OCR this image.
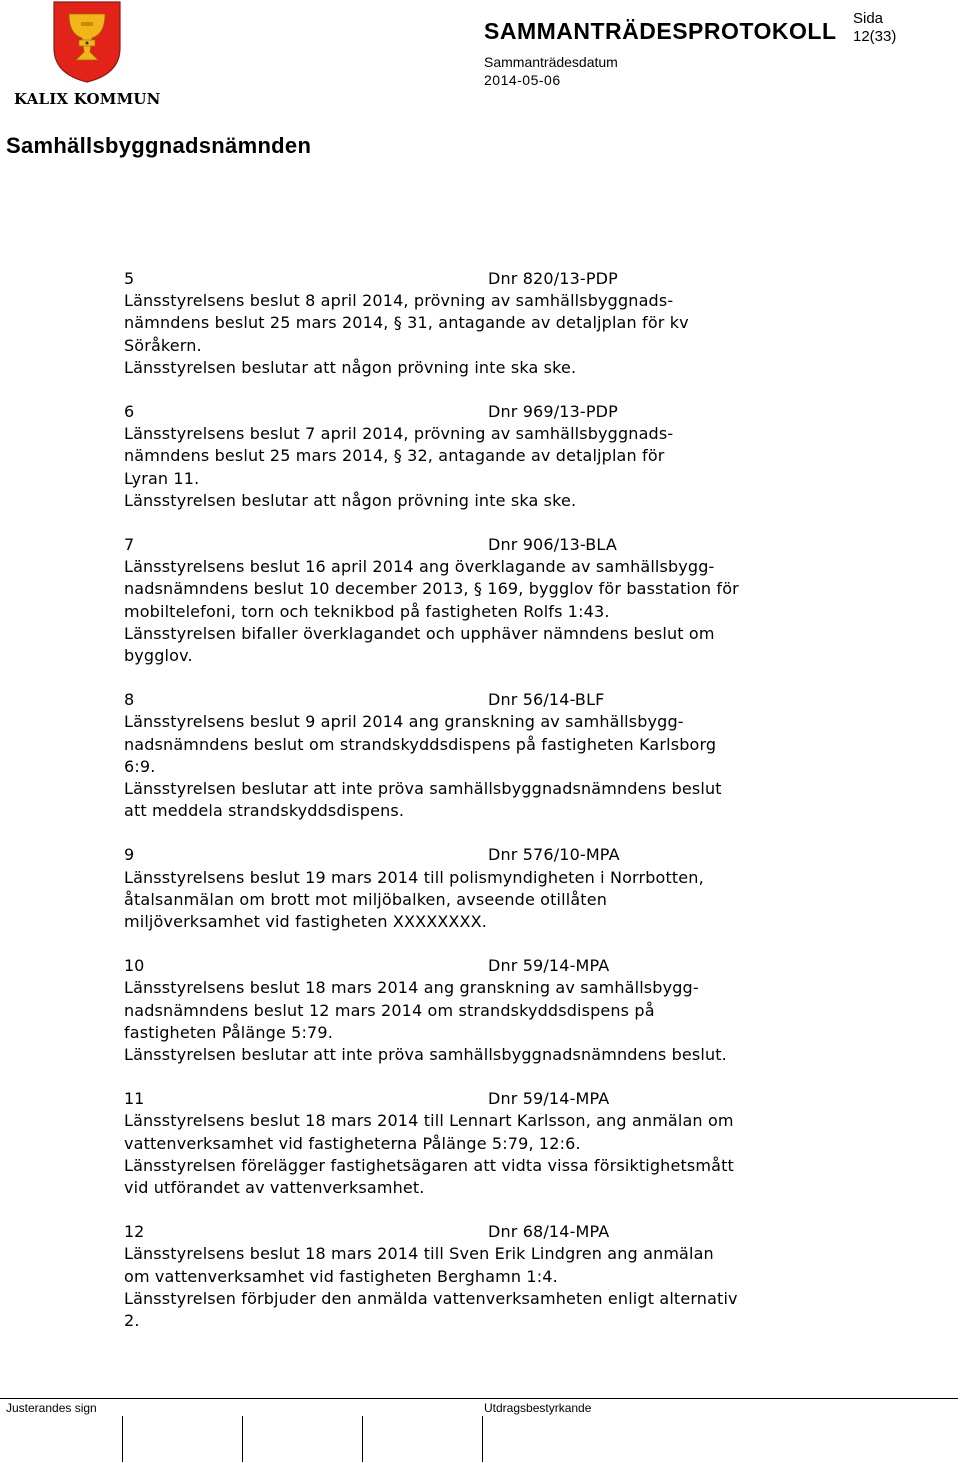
KALIX KOMMUN
SAMMANTRÄDESPROTOKOLL Sida
12(33)
Sammanträdesdatum
2014-05-06
Samhällsbyggnadsnämnden
5	Dnr 820/13-PDP
Länsstyrelsens beslut 8 april 2014, prövning av samhällsbyggnads-
nämndens beslut 25 mars 2014, § 31, antagande av detaljplan för kv
Söråkern.
Länsstyrelsen beslutar att någon prövning inte ska ske.
6	Dnr 969/13-PDP
Länsstyrelsens beslut 7 april 2014, prövning av samhällsbyggnads-
nämndens beslut 25 mars 2014, § 32, antagande av detaljplan för
Lyran 11.
Länsstyrelsen beslutar att någon prövning inte ska ske.
7	Dnr 906/13-BLA
Länsstyrelsens beslut 16 april 2014 ang överklagande av samhällsbygg-
nadsnämndens beslut 10 december 2013, § 169, bygglov för basstation för
mobiltelefoni, torn och teknikbod på fastigheten Rolfs 1:43.
Länsstyrelsen bifaller överklagandet och upphäver nämndens beslut om
bygglov.
8	Dnr 56/14-BLF
Länsstyrelsens beslut 9 april 2014 ang granskning av samhällsbygg-
nadsnämndens beslut om strandskyddsdispens på fastigheten Karlsborg
6:9.
Länsstyrelsen beslutar att inte pröva samhällsbyggnadsnämndens beslut
att meddela strandskyddsdispens.
9	Dnr 576/10-MPA
Länsstyrelsens beslut 19 mars 2014 till polismyndigheten i Norrbotten,
åtalsanmälan om brott mot miljöbalken, avseende otillåten
miljöverksamhet vid fastigheten XXXXXXXX.
10	Dnr 59/14-MPA
Länsstyrelsens beslut 18 mars 2014 ang granskning av samhällsbygg-
nadsnämndens beslut 12 mars 2014 om strandskyddsdispens på
fastigheten Pålänge 5:79.
Länsstyrelsen beslutar att inte pröva samhällsbyggnadsnämndens beslut.
11	Dnr 59/14-MPA
Länsstyrelsens beslut 18 mars 2014 till Lennart Karlsson, ang anmälan om
vattenverksamhet vid fastigheterna Pålänge 5:79, 12:6.
Länsstyrelsen förelägger fastighetsägaren att vidta vissa försiktighetsmått
vid utförandet av vattenverksamhet.
12	Dnr 68/14-MPA
Länsstyrelsens beslut 18 mars 2014 till Sven Erik Lindgren ang anmälan
om vattenverksamhet vid fastigheten Berghamn 1:4.
Länsstyrelsen förbjuder den anmälda vattenverksamheten enligt alternativ
2.
Justerandes sign	Utdragsbestyrkande
